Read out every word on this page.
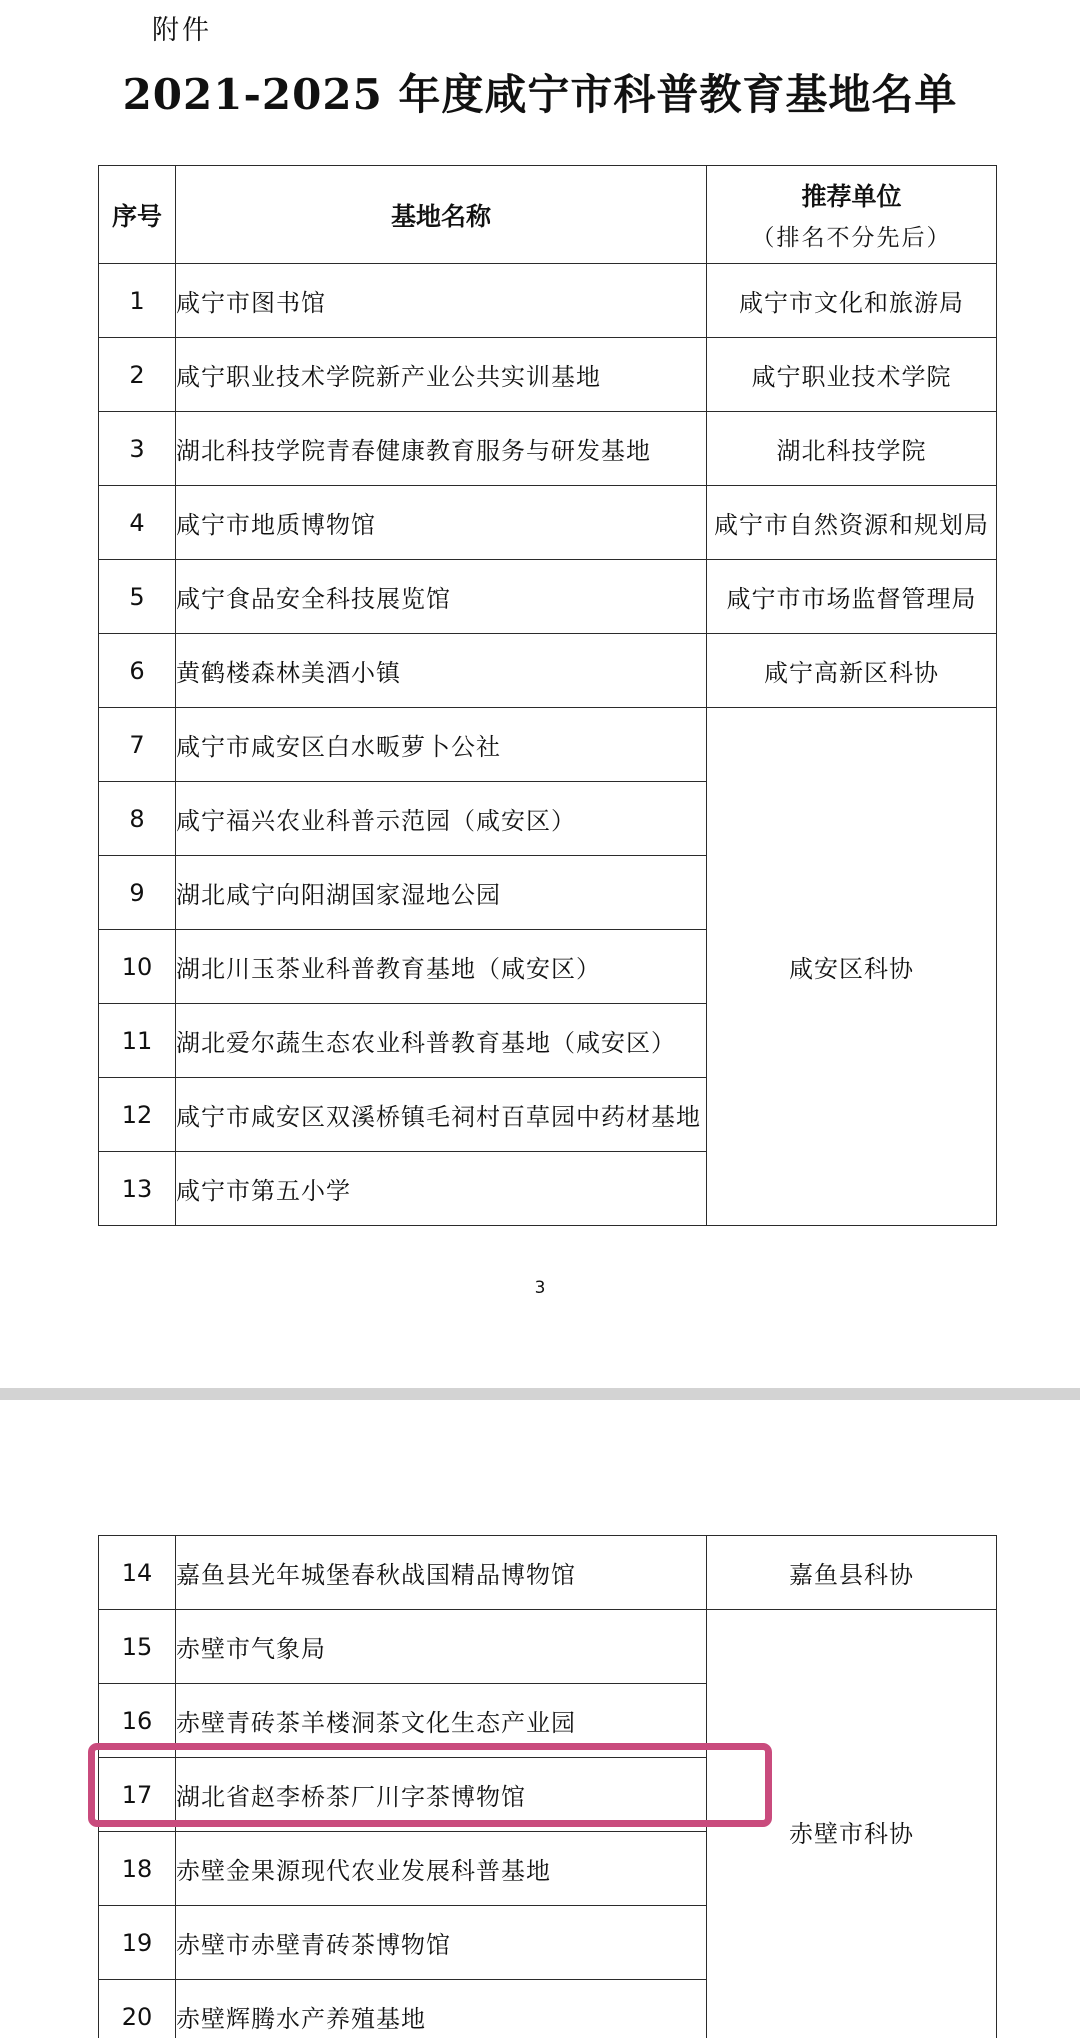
附件
2021-2025 年度咸宁市科普教育基地名单
序号	基地名称	推荐单位
（排名不分先后）

1	咸宁市图书馆	咸宁市文化和旅游局
2	咸宁职业技术学院新产业公共实训基地	咸宁职业技术学院
3	湖北科技学院青春健康教育服务与研发基地	湖北科技学院
4	咸宁市地质博物馆	咸宁市自然资源和规划局
5	咸宁食品安全科技展览馆	咸宁市市场监督管理局
6	黄鹤楼森林美酒小镇	咸宁高新区科协
7	咸宁市咸安区白水畈萝卜公社	咸安区科协
8	咸宁福兴农业科普示范园（咸安区）	
9	湖北咸宁向阳湖国家湿地公园	
10	湖北川玉茶业科普教育基地（咸安区）	
11	湖北爱尔蔬生态农业科普教育基地（咸安区）	
12	咸宁市咸安区双溪桥镇毛祠村百草园中药材基地	
13	咸宁市第五小学	
3
14	嘉鱼县光年城堡春秋战国精品博物馆	嘉鱼县科协
15	赤壁市气象局	赤壁市科协
16	赤壁青砖茶羊楼洞茶文化生态产业园	
17	湖北省赵李桥茶厂川字茶博物馆	
18	赤壁金果源现代农业发展科普基地	
19	赤壁市赤壁青砖茶博物馆	
20	赤壁辉腾水产养殖基地	
